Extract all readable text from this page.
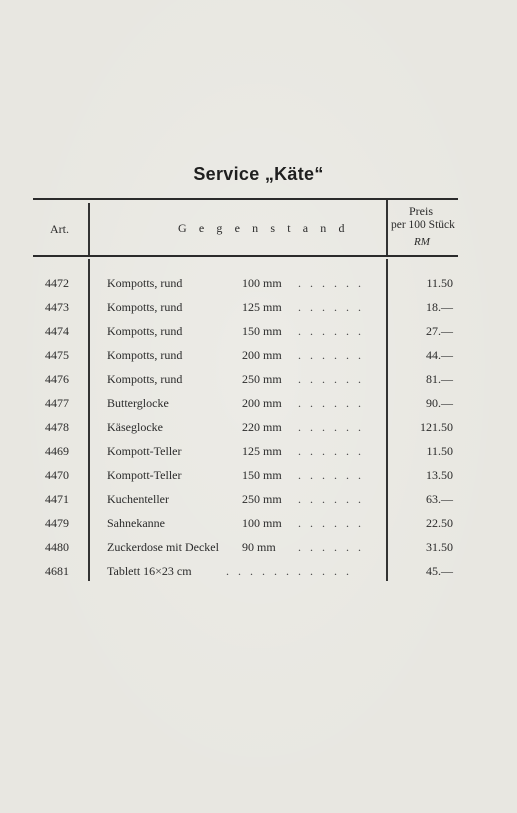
Service „Käte“
Art.	G e g e n s t a n d
Preis
per 100 Stück
RM
4472	Kompotts, rund	100 mm . . . . . .	11.50
4473	Kompotts, rund	125 mm . . . . . .	18.—
4474	Kompotts, rund	150 mm . . . . . .	27.—
4475	Kompotts, rund	200 mm . . . . . .	44.—
4476	Kompotts, rund	250 mm . . . . . .	81.—
4477	Butterglocke	200 mm . . . . . .	90.—
4478	Käseglocke	220 mm . . . . . .	121.50
4469	Kompott-Teller	125 mm . . . . . .	11.50
4470	Kompott-Teller	150 mm . . . . . .	13.50
4471	Kuchenteller	250 mm . . . . . .	63.—
4479	Sahnekanne	100 mm . . . . . .	22.50
4480	Zuckerdose mit Deckel 90 mm . . . . . .	31.50
4681	Tablett 16×23 cm	. . . . . . . . . . .	45.—
